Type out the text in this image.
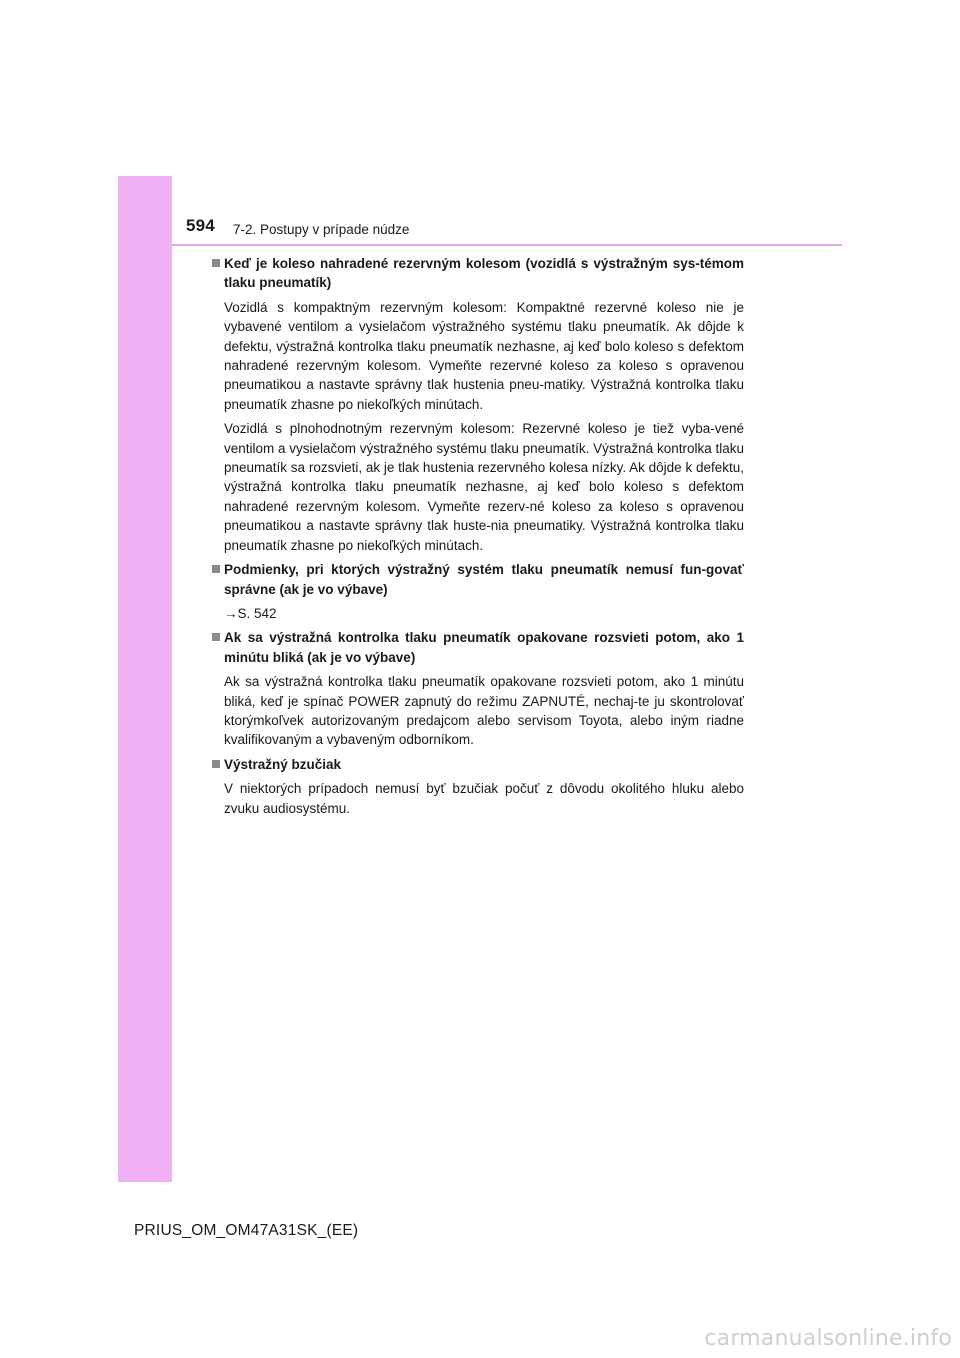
594 7-2. Postupy v prípade núdze
Keď je koleso nahradené rezervným kolesom (vozidlá s výstražným sys-témom tlaku pneumatík)
Vozidlá s kompaktným rezervným kolesom: Kompaktné rezervné koleso nie je vybavené ventilom a vysielačom výstražného systému tlaku pneumatík. Ak dôjde k defektu, výstražná kontrolka tlaku pneumatík nezhasne, aj keď bolo koleso s defektom nahradené rezervným kolesom. Vymeňte rezervné koleso za koleso s opravenou pneumatikou a nastavte správny tlak hustenia pneu-matiky. Výstražná kontrolka tlaku pneumatík zhasne po niekoľkých minútach.
Vozidlá s plnohodnotným rezervným kolesom: Rezervné koleso je tiež vyba-vené ventilom a vysielačom výstražného systému tlaku pneumatík. Výstražná kontrolka tlaku pneumatík sa rozsvieti, ak je tlak hustenia rezervného kolesa nízky. Ak dôjde k defektu, výstražná kontrolka tlaku pneumatík nezhasne, aj keď bolo koleso s defektom nahradené rezervným kolesom. Vymeňte rezerv-né koleso za koleso s opravenou pneumatikou a nastavte správny tlak huste-nia pneumatiky. Výstražná kontrolka tlaku pneumatík zhasne po niekoľkých minútach.
Podmienky, pri ktorých výstražný systém tlaku pneumatík nemusí fun-govať správne (ak je vo výbave)
→S. 542
Ak sa výstražná kontrolka tlaku pneumatík opakovane rozsvieti potom, ako 1 minútu bliká (ak je vo výbave)
Ak sa výstražná kontrolka tlaku pneumatík opakovane rozsvieti potom, ako 1 minútu bliká, keď je spínač POWER zapnutý do režimu ZAPNUTÉ, nechaj-te ju skontrolovať ktorýmkoľvek autorizovaným predajcom alebo servisom Toyota, alebo iným riadne kvalifikovaným a vybaveným odborníkom.
Výstražný bzučiak
V niektorých prípadoch nemusí byť bzučiak počuť z dôvodu okolitého hluku alebo zvuku audiosystému.
PRIUS_OM_OM47A31SK_(EE)
carmanualsonline.info
